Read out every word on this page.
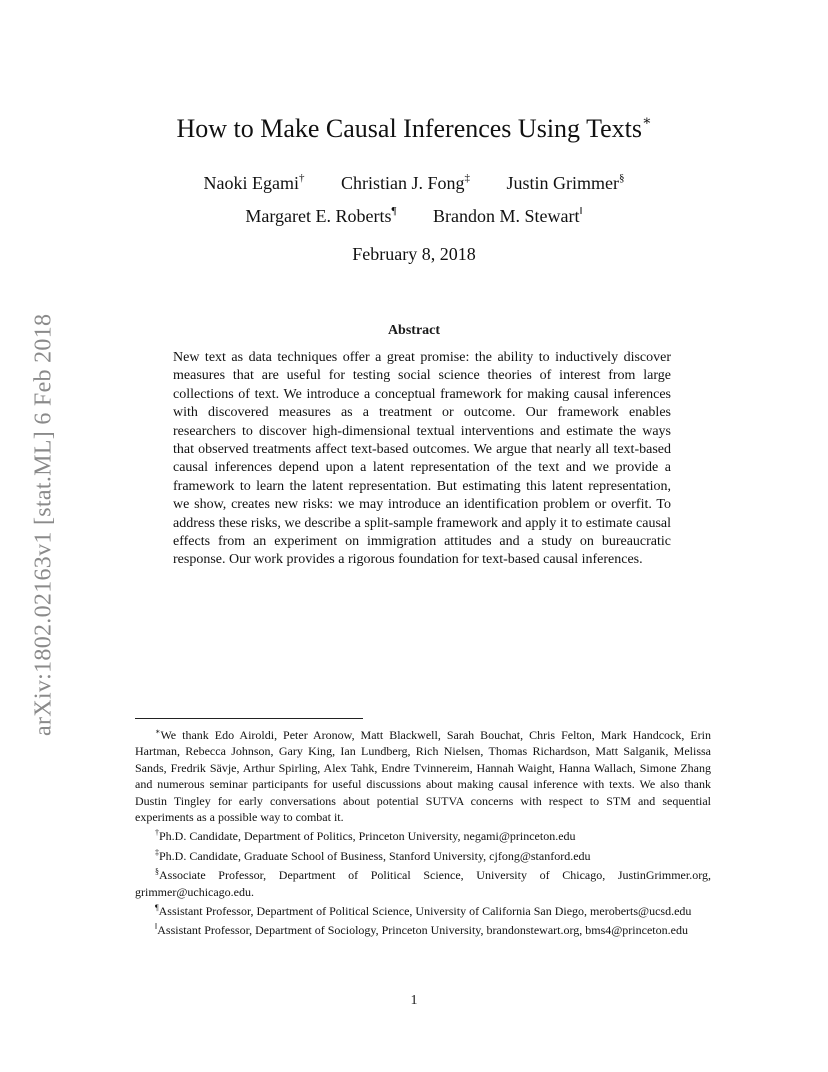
arXiv:1802.02163v1 [stat.ML] 6 Feb 2018
How to Make Causal Inferences Using Texts∗
Naoki Egami† Christian J. Fong‡ Justin Grimmer§
Margaret E. Roberts¶ Brandon M. Stewart‖
February 8, 2018
Abstract
New text as data techniques offer a great promise: the ability to inductively discover measures that are useful for testing social science theories of interest from large collections of text. We introduce a conceptual framework for making causal inferences with discovered measures as a treatment or outcome. Our framework enables researchers to discover high-dimensional textual interventions and estimate the ways that observed treatments affect text-based outcomes. We argue that nearly all text-based causal inferences depend upon a latent representation of the text and we provide a framework to learn the latent representation. But estimating this latent representation, we show, creates new risks: we may introduce an identification problem or overfit. To address these risks, we describe a split-sample framework and apply it to estimate causal effects from an experiment on immigration attitudes and a study on bureaucratic response. Our work provides a rigorous foundation for text-based causal inferences.

∗We thank Edo Airoldi, Peter Aronow, Matt Blackwell, Sarah Bouchat, Chris Felton, Mark Handcock, Erin Hartman, Rebecca Johnson, Gary King, Ian Lundberg, Rich Nielsen, Thomas Richardson, Matt Salganik, Melissa Sands, Fredrik Sävje, Arthur Spirling, Alex Tahk, Endre Tvinnereim, Hannah Waight, Hanna Wallach, Simone Zhang and numerous seminar participants for useful discussions about making causal inference with texts. We also thank Dustin Tingley for early conversations about potential SUTVA concerns with respect to STM and sequential experiments as a possible way to combat it.

†Ph.D. Candidate, Department of Politics, Princeton University, negami@princeton.edu

‡Ph.D. Candidate, Graduate School of Business, Stanford University, cjfong@stanford.edu

§Associate Professor, Department of Political Science, University of Chicago, JustinGrimmer.org, grimmer@uchicago.edu.

¶Assistant Professor, Department of Political Science, University of California San Diego, meroberts@ucsd.edu

‖Assistant Professor, Department of Sociology, Princeton University, brandonstewart.org, bms4@princeton.edu

1
